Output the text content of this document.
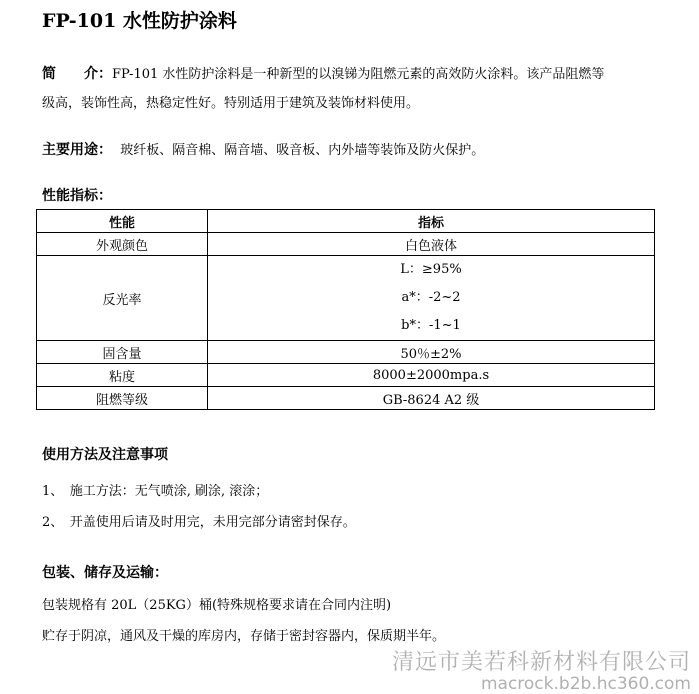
FP-101 水性防护涂料
简　　介：FP-101 水性防护涂料是一种新型的以溴锑为阻燃元素的高效防火涂料。该产品阻燃等
级高，装饰性高，热稳定性好。特别适用于建筑及装饰材料使用。
主要用途： 玻纤板、隔音棉、隔音墙、吸音板、内外墙等装饰及防火保护。
性能指标：
性能	指标
外观颜色	白色液体
反光率	L：≥95%
a*：-2~2
b*：-1~1

固含量	50％±2%
粘度	8000±2000mpa.s
阻燃等级	GB-8624 A2 级
使用方法及注意事项
1、　施工方法：无气喷涂, 刷涂, 滚涂；
2、　开盖使用后请及时用完，未用完部分请密封保存。
包装、储存及运输：
包装规格有 20L（25KG）桶(特殊规格要求请在合同内注明)
贮存于阴凉，通风及干燥的库房内，存储于密封容器内，保质期半年。
清远市美若科新材料有限公司
macrock.b2b.hc360.com
